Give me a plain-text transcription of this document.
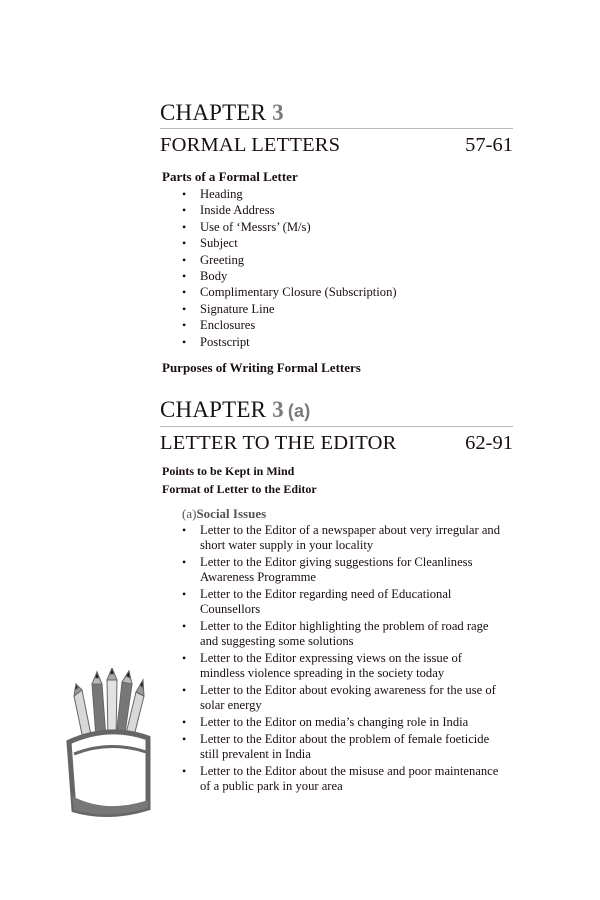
CHAPTER 3
FORMAL LETTERS	57-61
Parts of a Formal Letter
• Heading
• Inside Address
• Use of ‘Messrs’ (M/s)
• Subject
• Greeting
• Body
• Complimentary Closure (Subscription)
• Signature Line
• Enclosures
• Postscript
Purposes of Writing Formal Letters
CHAPTER 3 (a)
LETTER TO THE EDITOR	62-91
Points to be Kept in Mind
Format of Letter to the Editor
(a)Social Issues
• Letter to the Editor of a newspaper about very irregular and short water supply in your locality
• Letter to the Editor giving suggestions for Cleanliness Awareness Programme
• Letter to the Editor regarding need of Educational Counsellors
• Letter to the Editor highlighting the problem of road rage and suggesting some solutions
• Letter to the Editor expressing views on the issue of mindless violence spreading in the society today
• Letter to the Editor about evoking awareness for the use of solar energy
• Letter to the Editor on media’s changing role in India
• Letter to the Editor about the problem of female foeticide still prevalent in India
• Letter to the Editor about the misuse and poor maintenance of a public park in your area
